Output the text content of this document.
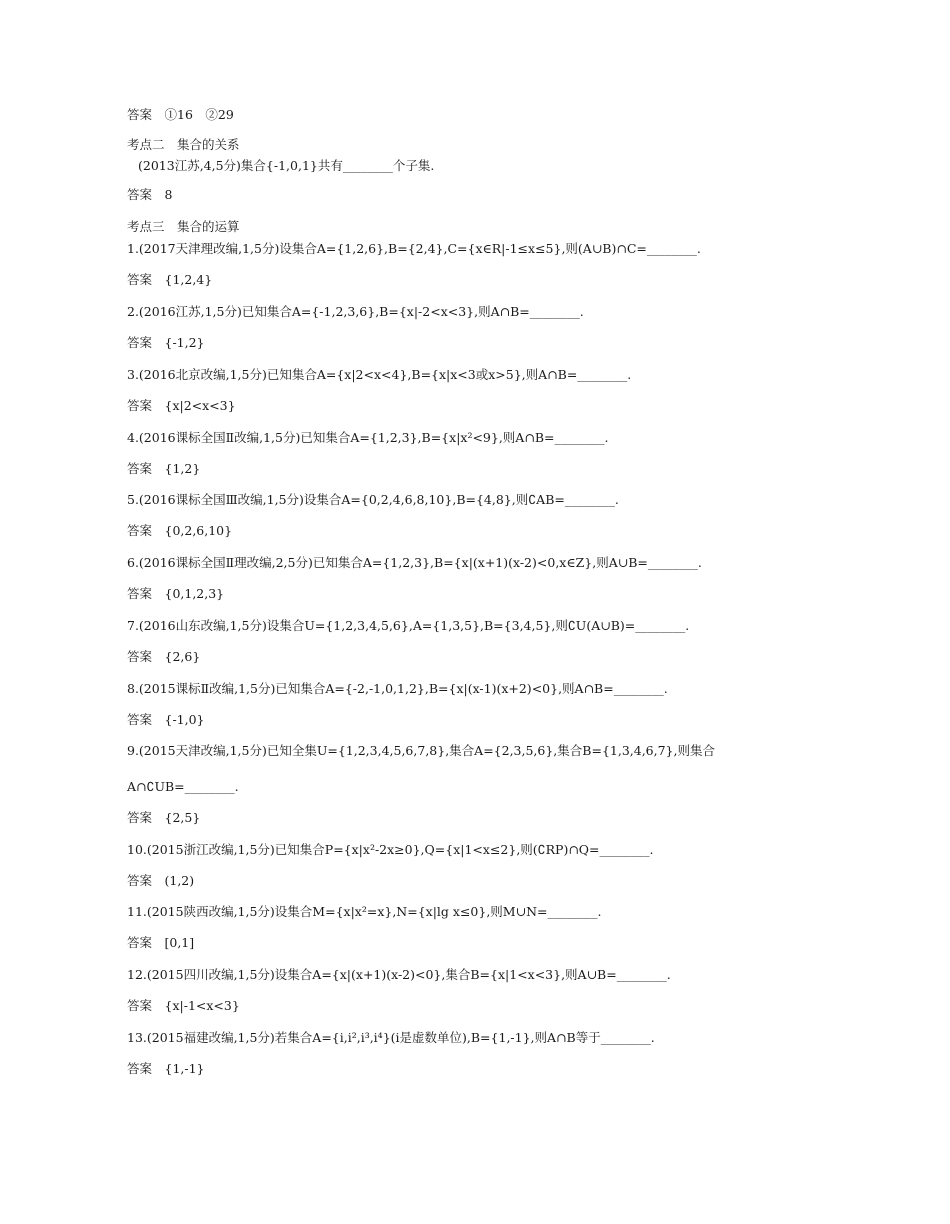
答案　①16　②29
考点二　集合的关系
(2013江苏,4,5分)集合{-1,0,1}共有________个子集.
答案　8
考点三　集合的运算
1.(2017天津理改编,1,5分)设集合A={1,2,6},B={2,4},C={x∈R|-1≤x≤5},则(A∪B)∩C=________.
答案　{1,2,4}
2.(2016江苏,1,5分)已知集合A={-1,2,3,6},B={x|-2<x<3},则A∩B=________.
答案　{-1,2}
3.(2016北京改编,1,5分)已知集合A={x|2<x<4},B={x|x<3或x>5},则A∩B=________.
答案　{x|2<x<3}
4.(2016课标全国Ⅱ改编,1,5分)已知集合A={1,2,3},B={x|x²<9},则A∩B=________.
答案　{1,2}
5.(2016课标全国Ⅲ改编,1,5分)设集合A={0,2,4,6,8,10},B={4,8},则∁AB=________.
答案　{0,2,6,10}
6.(2016课标全国Ⅱ理改编,2,5分)已知集合A={1,2,3},B={x|(x+1)(x-2)<0,x∈Z},则A∪B=________.
答案　{0,1,2,3}
7.(2016山东改编,1,5分)设集合U={1,2,3,4,5,6},A={1,3,5},B={3,4,5},则∁U(A∪B)=________.
答案　{2,6}
8.(2015课标Ⅱ改编,1,5分)已知集合A={-2,-1,0,1,2},B={x|(x-1)(x+2)<0},则A∩B=________.
答案　{-1,0}
9.(2015天津改编,1,5分)已知全集U={1,2,3,4,5,6,7,8},集合A={2,3,5,6},集合B={1,3,4,6,7},则集合
A∩∁UB=________.
答案　{2,5}
10.(2015浙江改编,1,5分)已知集合P={x|x²-2x≥0},Q={x|1<x≤2},则(∁RP)∩Q=________.
答案　(1,2)
11.(2015陕西改编,1,5分)设集合M={x|x²=x},N={x|lg x≤0},则M∪N=________.
答案　[0,1]
12.(2015四川改编,1,5分)设集合A={x|(x+1)(x-2)<0},集合B={x|1<x<3},则A∪B=________.
答案　{x|-1<x<3}
13.(2015福建改编,1,5分)若集合A={i,i²,i³,i⁴}(i是虚数单位),B={1,-1},则A∩B等于________.
答案　{1,-1}
